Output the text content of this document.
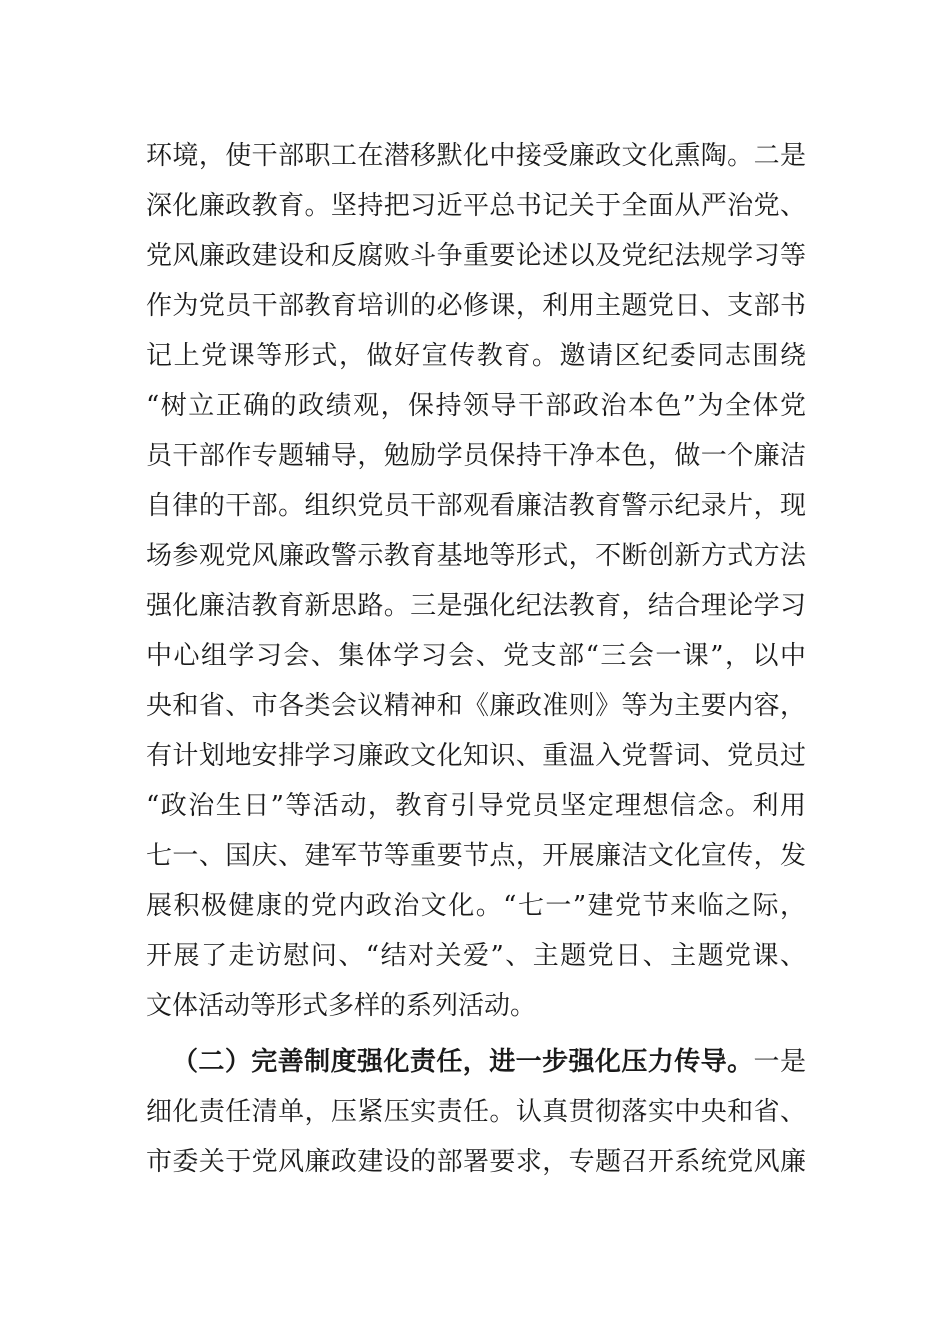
环境，使干部职工在潜移默化中接受廉政文化熏陶。二是
深化廉政教育。坚持把习近平总书记关于全面从严治党、
党风廉政建设和反腐败斗争重要论述以及党纪法规学习等
作为党员干部教育培训的必修课，利用主题党日、支部书
记上党课等形式，做好宣传教育。邀请区纪委同志围绕
“树立正确的政绩观，保持领导干部政治本色”为全体党
员干部作专题辅导，勉励学员保持干净本色，做一个廉洁
自律的干部。组织党员干部观看廉洁教育警示纪录片，现
场参观党风廉政警示教育基地等形式，不断创新方式方法
强化廉洁教育新思路。三是强化纪法教育，结合理论学习
中心组学习会、集体学习会、党支部“三会一课”，以中
央和省、市各类会议精神和《廉政准则》等为主要内容，
有计划地安排学习廉政文化知识、重温入党誓词、党员过
“政治生日”等活动，教育引导党员坚定理想信念。利用
七一、国庆、建军节等重要节点，开展廉洁文化宣传，发
展积极健康的党内政治文化。“七一”建党节来临之际，
开展了走访慰问、“结对关爱”、主题党日、主题党课、
文体活动等形式多样的系列活动。
（二）完善制度强化责任，进一步强化压力传导。一是
细化责任清单，压紧压实责任。认真贯彻落实中央和省、
市委关于党风廉政建设的部署要求，专题召开系统党风廉
